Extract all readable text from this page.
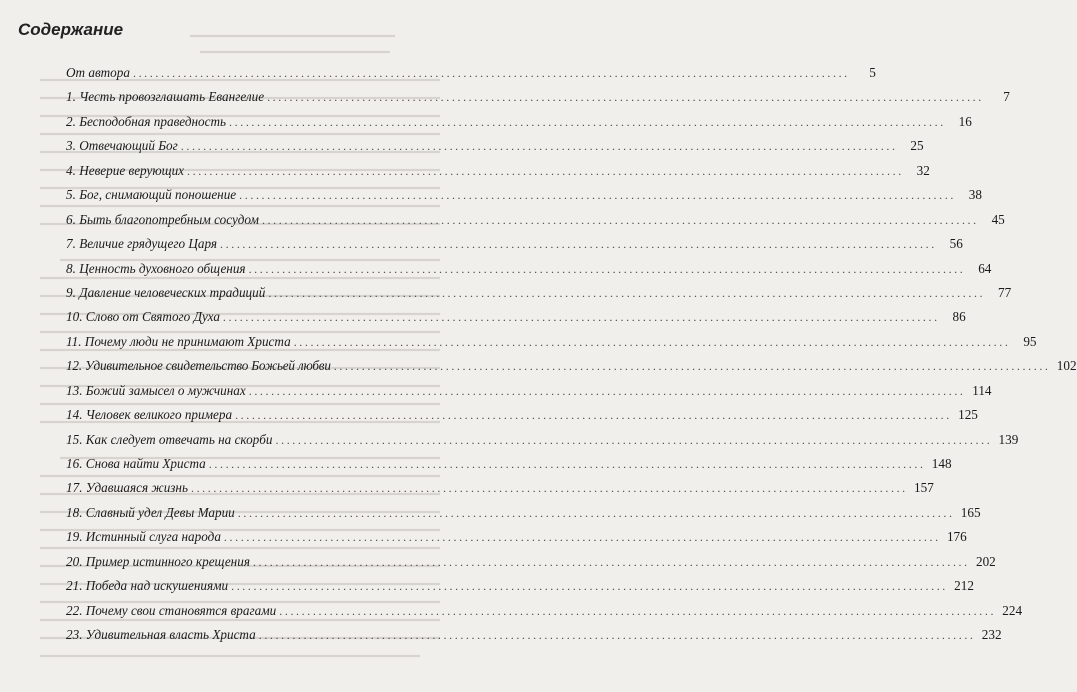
Содержание
От автора ................................................................................................................................	5
1. Честь провозглашать Евангелие ................................................................................................................................	7
2. Бесподобная праведность ................................................................................................................................ 16
3. Отвечающий Бог ................................................................................................................................ 25
4. Неверие верующих ................................................................................................................................ 32
5. Бог, снимающий поношение ................................................................................................................................ 38
6. Быть благопотребным сосудом ................................................................................................................................ 45
7. Величие грядущего Царя ................................................................................................................................ 56
8. Ценность духовного общения ................................................................................................................................ 64
9. Давление человеческих традиций ................................................................................................................................ 77
10. Слово от Святого Духа ................................................................................................................................ 86
11. Почему люди не принимают Христа ................................................................................................................................ 95
12. Удивительное свидетельство Божьей любви ................................................................................................................................ 102
13. Божий замысел о мужчинах ................................................................................................................................ 114
14. Человек великого примера ................................................................................................................................ 125
15. Как следует отвечать на скорби ................................................................................................................................ 139
16. Снова найти Христа ................................................................................................................................ 148
17. Удавшаяся жизнь ................................................................................................................................ 157
18. Славный удел Девы Марии ................................................................................................................................ 165
19. Истинный слуга народа ................................................................................................................................ 176
20. Пример истинного крещения ................................................................................................................................ 202
21. Победа над искушениями ................................................................................................................................ 212
22. Почему свои становятся врагами ................................................................................................................................ 224
23. Удивительная власть Христа ................................................................................................................................ 232
